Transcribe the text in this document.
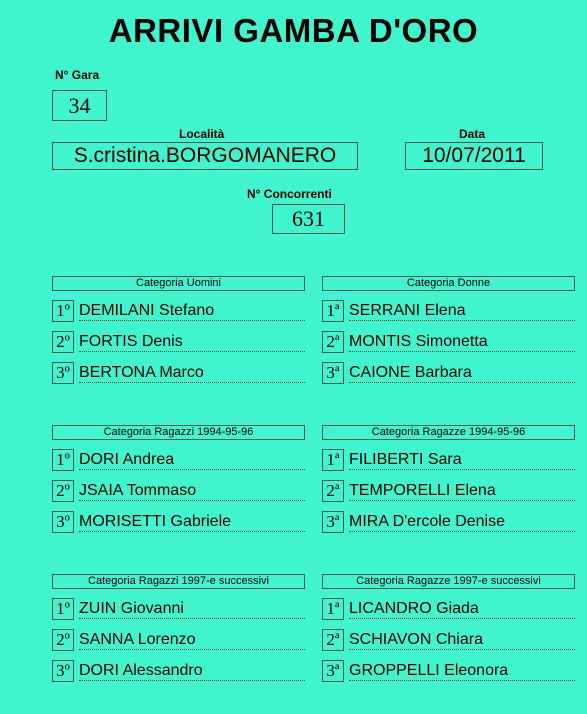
ARRIVI GAMBA D'ORO
N° Gara
34
Località
S.cristina.BORGOMANERO
Data
10/07/2011
N° Concorrenti
631
Categoria Uomini
1º DEMILANI Stefano
2º FORTIS Denis
3º BERTONA Marco
Categoria Donne
1ª SERRANI Elena
2ª MONTIS Simonetta
3ª CAIONE Barbara
Categoria Ragazzi 1994-95-96
1º DORI Andrea
2º JSAIA Tommaso
3º MORISETTI Gabriele
Categoria Ragazze 1994-95-96
1ª FILIBERTI Sara
2ª TEMPORELLI Elena
3ª MIRA D'ercole Denise
Categoria Ragazzi 1997-e successivi
1º ZUIN Giovanni
2º SANNA Lorenzo
3º DORI Alessandro
Categoria Ragazze 1997-e successivi
1ª LICANDRO Giada
2ª SCHIAVON Chiara
3ª GROPPELLI Eleonora
